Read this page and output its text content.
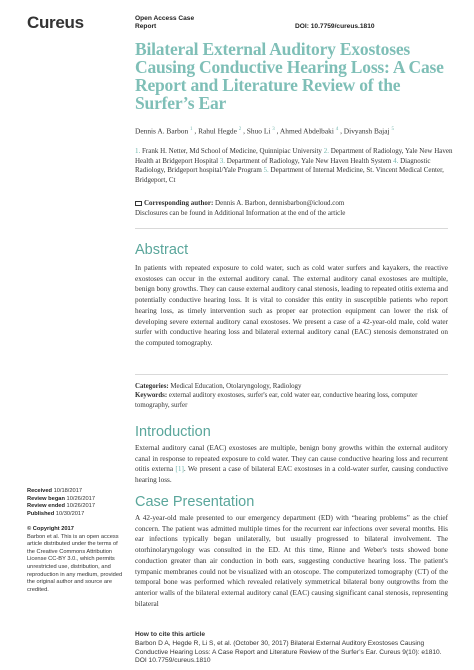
Cureus	Open Access Case
Report	DOI: 10.7759/cureus.1810
Bilateral External Auditory Exostoses Causing Conductive Hearing Loss: A Case Report and Literature Review of the Surfer’s Ear
Dennis A. Barbon $^1$ , Rahul Hegde $^2$ , Shuo Li $^3$ , Ahmed Abdelbaki $^4$ , Divyansh Bajaj $^5$
1. Frank H. Netter, Md School of Medicine, Quinnipiac University 2. Department of Radiology, Yale New Haven Health at Bridgeport Hospital 3. Department of Radiology, Yale New Haven Health System 4. Diagnostic Radiology, Bridgeport hospital/Yale Program 5. Department of Internal Medicine, St. Vincent Medical Center, Bridgeport, Ct
Corresponding author: Dennis A. Barbon, dennisbarbon@icloud.com
Disclosures can be found in Additional Information at the end of the article
Abstract
In patients with repeated exposure to cold water, such as cold water surfers and kayakers, the reactive exostoses can occur in the external auditory canal. The external auditory canal exostoses are multiple, benign bony growths. They can cause external auditory canal stenosis, leading to repeated otitis externa and potentially conductive hearing loss. It is vital to consider this entity in susceptible patients who report hearing loss, as timely intervention such as proper ear protection equipment can lower the risk of developing severe external auditory canal exostoses. We present a case of a 42-year-old male, cold water surfer with conductive hearing loss and bilateral external auditory canal (EAC) stenosis demonstrated on the computed tomography.
Categories: Medical Education, Otolaryngology, Radiology
Keywords: external auditory exostoses, surfer's ear, cold water ear, conductive hearing loss, computer tomography, surfer
Introduction
External auditory canal (EAC) exostoses are multiple, benign bony growths within the external auditory canal in response to repeated exposure to cold water. They can cause conductive hearing loss and recurrent otitis externa [1]. We present a case of bilateral EAC exostoses in a cold-water surfer, causing conductive hearing loss.
Case Presentation
A 42-year-old male presented to our emergency department (ED) with “hearing problems” as the chief concern. The patient was admitted multiple times for the recurrent ear infections over several months. His ear infections typically began unilaterally, but usually progressed to bilateral involvement. The otorhinolaryngology was consulted in the ED. At this time, Rinne and Weber's tests showed bone conduction greater than air conduction in both ears, suggesting conductive hearing loss. The patient's tympanic membranes could not be visualized with an otoscope. The computerized tomography (CT) of the temporal bone was performed which revealed relatively symmetrical bilateral bony outgrowths from the anterior walls of the bilateral external auditory canal (EAC) causing significant canal stenosis, representing bilateral
Received 10/18/2017
Review began 10/26/2017
Review ended 10/26/2017
Published 10/30/2017
© Copyright 2017
Barbon et al. This is an open access article distributed under the terms of the Creative Commons Attribution License CC-BY 3.0., which permits unrestricted use, distribution, and reproduction in any medium, provided the original author and source are credited.
How to cite this article
Barbon D A, Hegde R, Li S, et al. (October 30, 2017) Bilateral External Auditory Exostoses Causing Conductive Hearing Loss: A Case Report and Literature Review of the Surfer’s Ear. Cureus 9(10): e1810. DOI 10.7759/cureus.1810
